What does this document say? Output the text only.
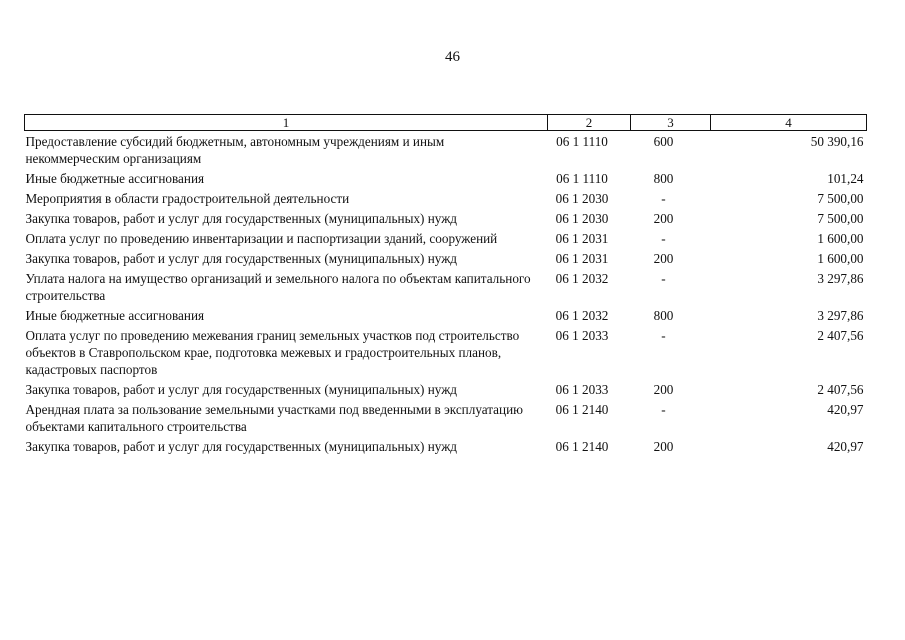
46
1	2	3	4
Предоставление субсидий бюджетным, автономным учреждениям и иным некоммерческим организациям	06 1 1110	600	50 390,16
Иные бюджетные ассигнования	06 1 1110	800	101,24
Мероприятия в области градостроительной деятельности	06 1 2030	-	7 500,00
Закупка товаров, работ и услуг для государственных (муниципальных) нужд	06 1 2030	200	7 500,00
Оплата услуг по проведению инвентаризации и паспортизации зданий, сооружений	06 1 2031	-	1 600,00
Закупка товаров, работ и услуг для государственных (муниципальных) нужд	06 1 2031	200	1 600,00
Уплата налога на имущество организаций и земельного налога по объектам капитального строительства	06 1 2032	-	3 297,86
Иные бюджетные ассигнования	06 1 2032	800	3 297,86
Оплата услуг по проведению межевания границ земельных участков под строительство объектов в Ставропольском крае, подготовка межевых и градостроительных планов, кадастровых паспортов	06 1 2033	-	2 407,56
Закупка товаров, работ и услуг для государственных (муниципальных) нужд	06 1 2033	200	2 407,56
Арендная плата за пользование земельными участками под введенными в эксплуатацию объектами капитального строительства	06 1 2140	-	420,97
Закупка товаров, работ и услуг для государственных (муниципальных) нужд	06 1 2140	200	420,97
